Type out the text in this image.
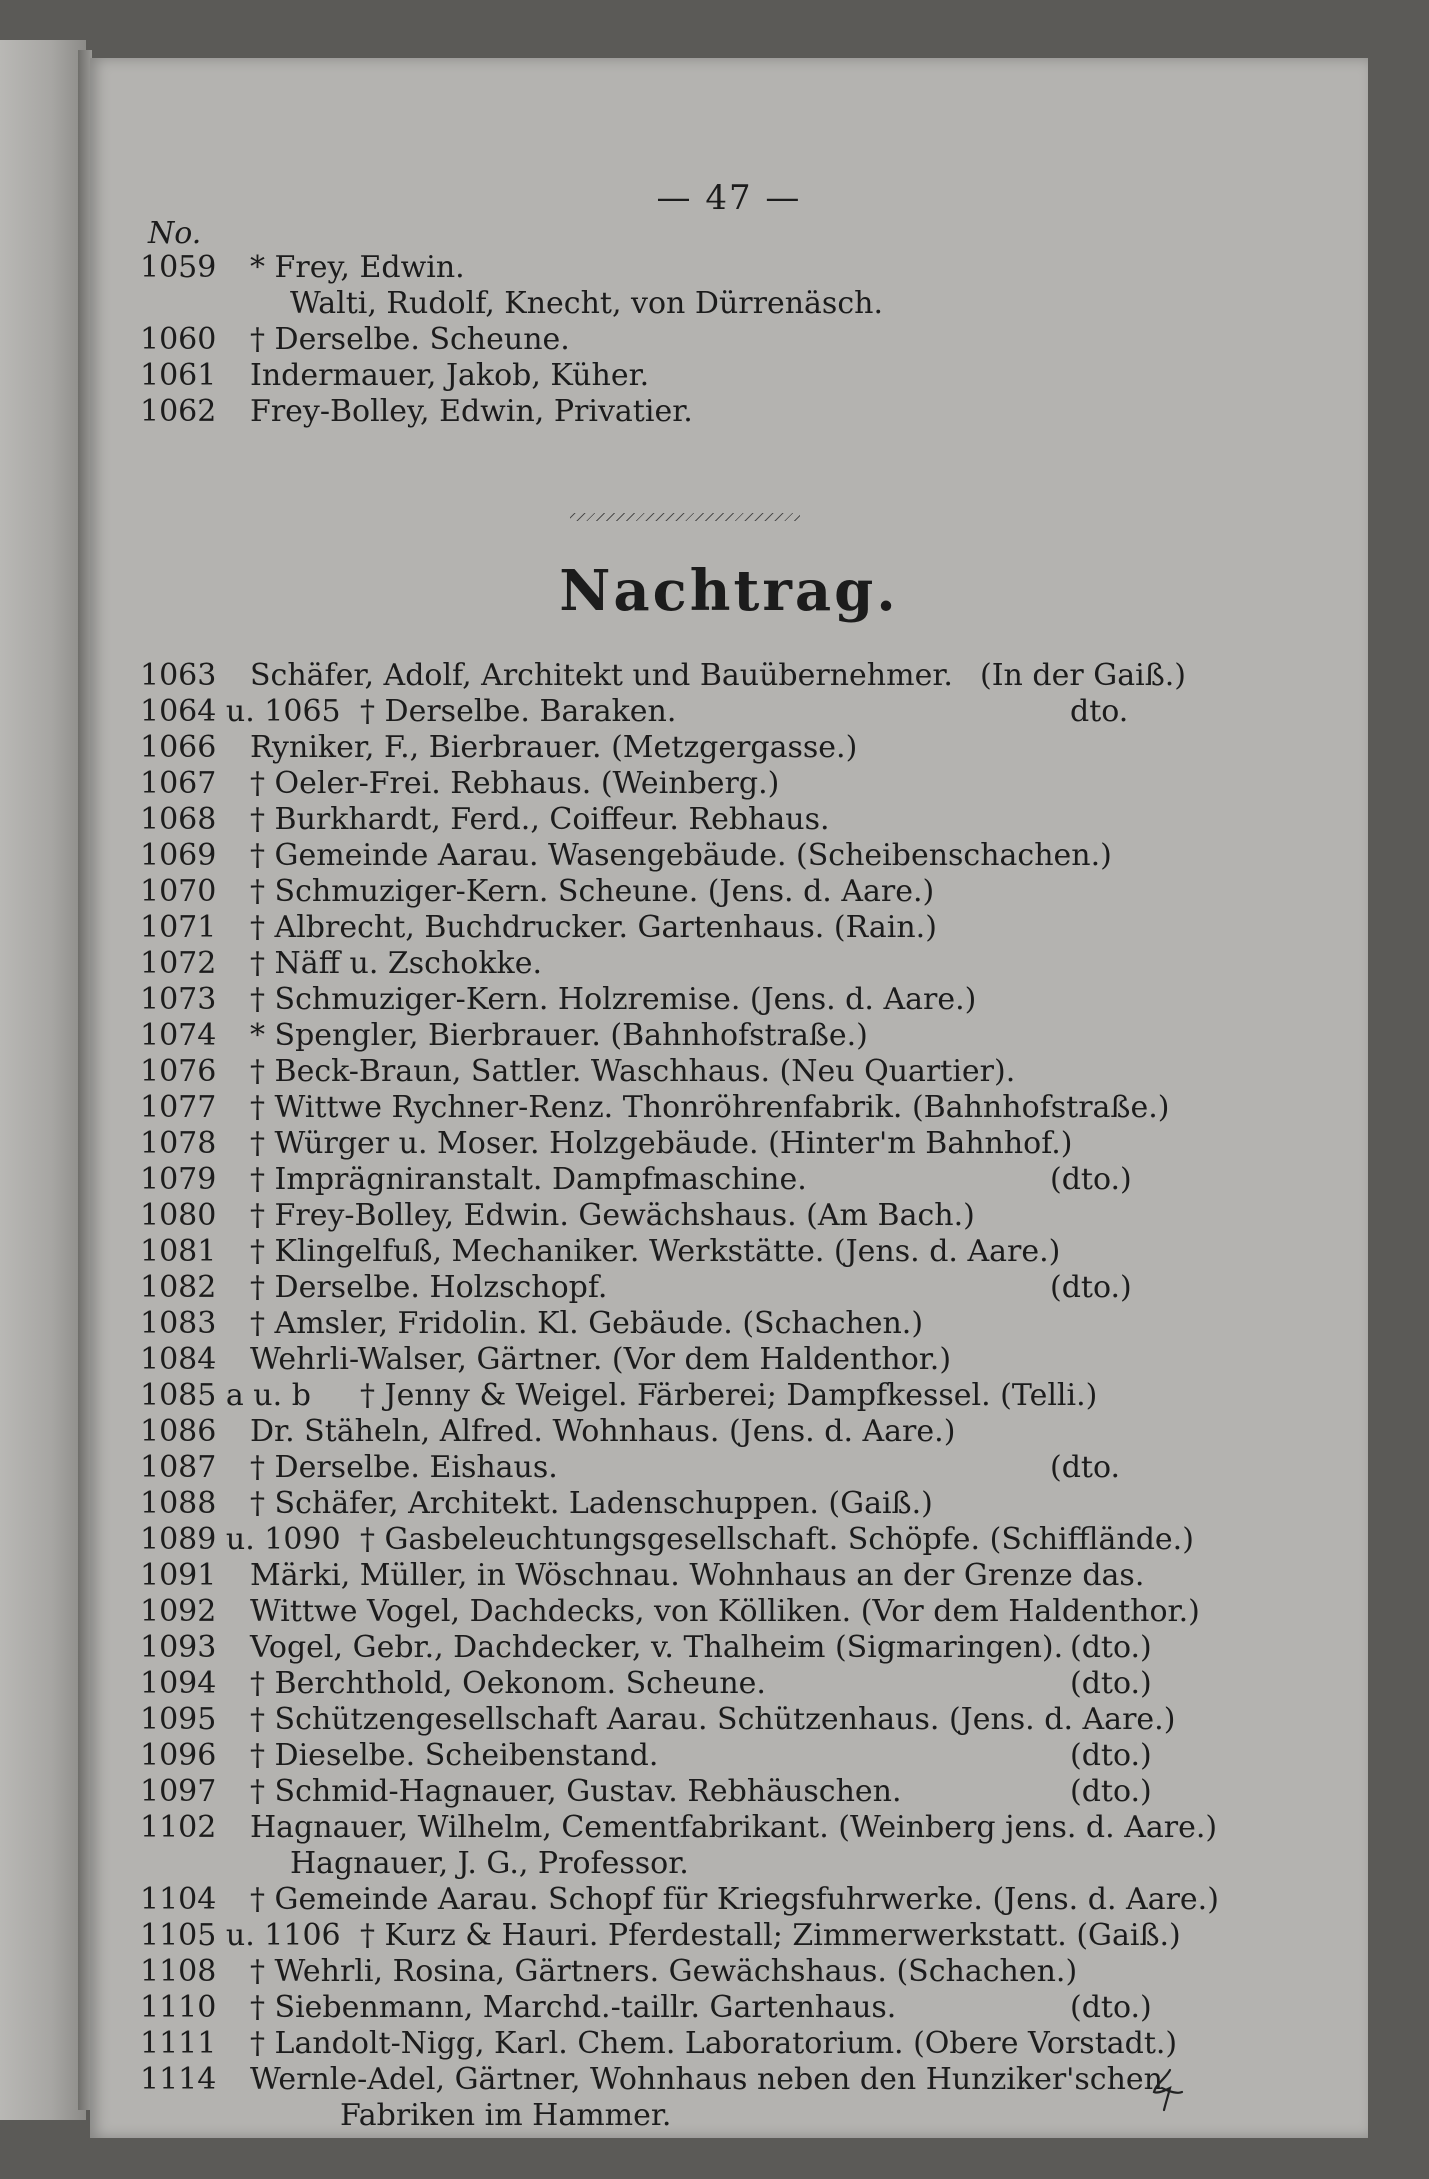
— 47 —
No.
1059 * Frey, Edwin.
Walti, Rudolf, Knecht, von Dürrenäsch.
1060 † Derselbe. Scheune.
1061 Indermauer, Jakob, Küher.
1062 Frey-Bolley, Edwin, Privatier.
Nachtrag.
1063 Schäfer, Adolf, Architekt und Bauübernehmer. (In der Gaiß.)
1064 u. 1065 † Derselbe. Baraken.	dto.
1066 Ryniker, F., Bierbrauer. (Metzgergasse.)
1067 † Oeler-Frei. Rebhaus. (Weinberg.)
1068 † Burkhardt, Ferd., Coiffeur. Rebhaus.
1069 † Gemeinde Aarau. Wasengebäude. (Scheibenschachen.)
1070 † Schmuziger-Kern. Scheune. (Jens. d. Aare.)
1071 † Albrecht, Buchdrucker. Gartenhaus. (Rain.)
1072 † Näff u. Zschokke.
1073 † Schmuziger-Kern. Holzremise. (Jens. d. Aare.)
1074 * Spengler, Bierbrauer. (Bahnhofstraße.)
1076 † Beck-Braun, Sattler. Waschhaus. (Neu Quartier).
1077 † Wittwe Rychner-Renz. Thonröhrenfabrik. (Bahnhofstraße.)
1078 † Würger u. Moser. Holzgebäude. (Hinter'm Bahnhof.)
1079 † Imprägniranstalt. Dampfmaschine.	(dto.)
1080 † Frey-Bolley, Edwin. Gewächshaus. (Am Bach.)
1081 † Klingelfuß, Mechaniker. Werkstätte. (Jens. d. Aare.)
1082 † Derselbe. Holzschopf.	(dto.)
1083 † Amsler, Fridolin. Kl. Gebäude. (Schachen.)
1084 Wehrli-Walser, Gärtner. (Vor dem Haldenthor.)
1085 a u. b † Jenny & Weigel. Färberei; Dampfkessel. (Telli.)
1086 Dr. Stäheln, Alfred. Wohnhaus. (Jens. d. Aare.)
1087 † Derselbe. Eishaus.	(dto.
1088 † Schäfer, Architekt. Ladenschuppen. (Gaiß.)
1089 u. 1090 † Gasbeleuchtungsgesellschaft. Schöpfe. (Schiffländе.)
1091 Märki, Müller, in Wöschnau. Wohnhaus an der Grenze das.
1092 Wittwe Vogel, Dachdecks, von Kölliken. (Vor dem Haldenthor.)
1093 Vogel, Gebr., Dachdecker, v. Thalheim (Sigmaringen). (dto.)
1094 † Berchthold, Oekonom. Scheune.	(dto.)
1095 † Schützengesellschaft Aarau. Schützenhaus. (Jens. d. Aare.)
1096 † Dieselbe. Scheibenstand.	(dto.)
1097 † Schmid-Hagnauer, Gustav. Rebhäuschen.	(dto.)
1102 Hagnauer, Wilhelm, Cementfabrikant. (Weinberg jens. d. Aare.)
Hagnauer, J. G., Professor.
1104 † Gemeinde Aarau. Schopf für Kriegsfuhrwerke. (Jens. d. Aare.)
1105 u. 1106 † Kurz & Hauri. Pferdestall; Zimmerwerkstatt. (Gaiß.)
1108 † Wehrli, Rosina, Gärtners. Gewächshaus. (Schachen.)
1110 † Siebenmann, Marchd.-taillr. Gartenhaus.	(dto.)
1111 † Landolt-Nigg, Karl. Chem. Laboratorium. (Obere Vorstadt.)
1114 Wernle-Adel, Gärtner, Wohnhaus neben den Hunziker'schen
Fabriken im Hammer.
